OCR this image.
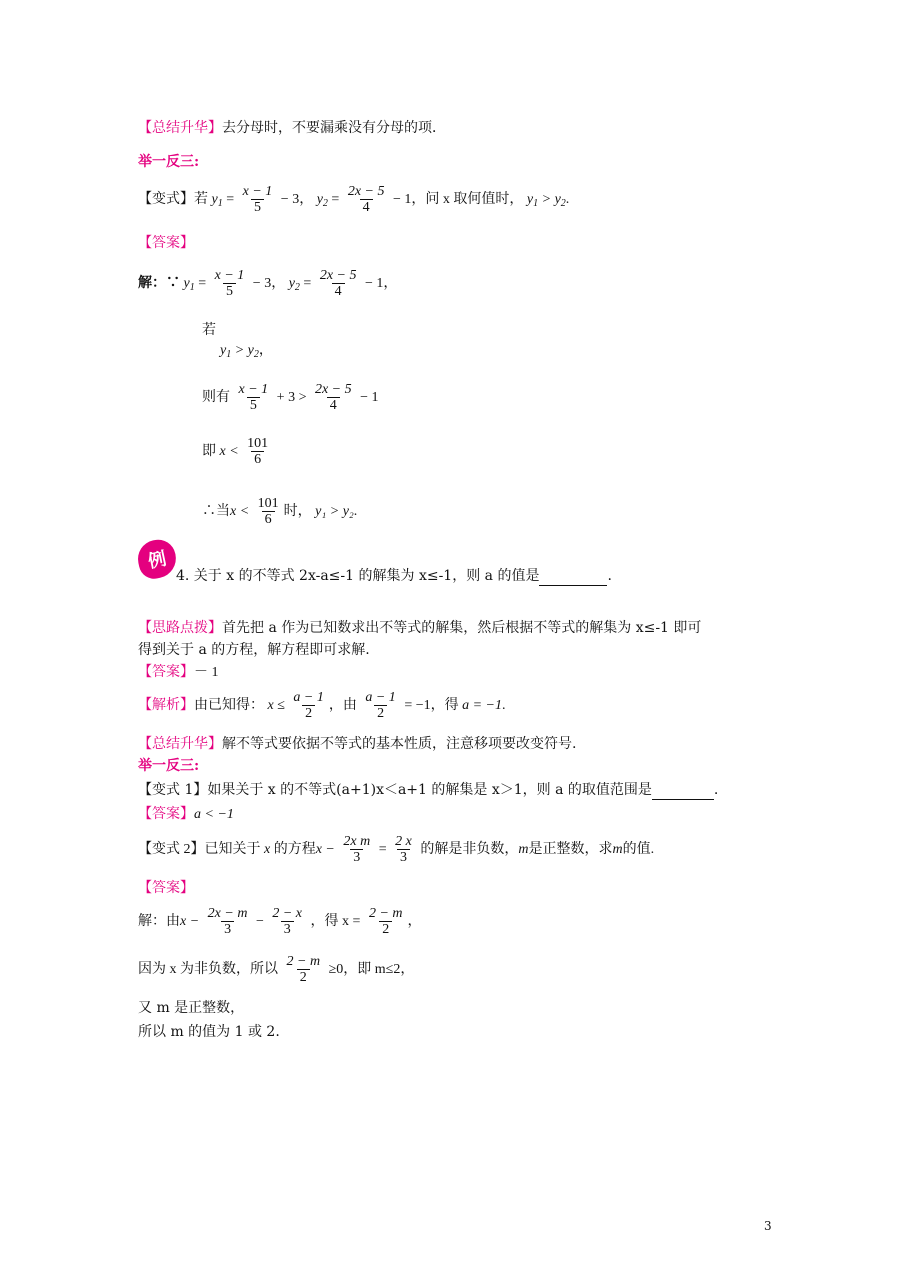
【总结升华】去分母时，不要漏乘没有分母的项．
举一反三:
【变式】若 $y_1 = \frac{x - 1}{5} - 3$， $y_2 = \frac{2x - 5}{4} - 1$，问 x 取何值时， $y_1 > y_2$.
【答案】
解：∵ $y_1 = \frac{x - 1}{5} - 3$， $y_2 = \frac{2x - 5}{4} - 1$，
若
$y_1 > y_2$，
则有 $\frac{x - 1}{5} + 3 > \frac{2x - 5}{4} - 1$
即 $x < \frac{101}{6}$
∴当$x < \frac{101}{6}$ 时， y₁ > y₂.
例
4. 关于 x 的不等式 2x-a≤-1 的解集为 x≤-1，则 a 的值是	.
【思路点拨】首先把 a 作为已知数求出不等式的解集，然后根据不等式的解集为 x≤-1 即可
得到关于 a 的方程，解方程即可求解.
【答案】－ 1
【解析】由已知得： $x \le \frac{a - 1}{2}$ ，由 $\frac{a - 1}{2} = -1$，得 a = −1.
【总结升华】解不等式要依据不等式的基本性质，注意移项要改变符号.
举一反三:
【变式 1】如果关于 x 的不等式(a+1)x＜a+1 的解集是 x＞1，则 a 的取值范围是	.
【答案】a < −1
【变式 2】已知关于 x 的方程$x - \frac{\text{2x m}}{3} = \frac{2 x}{3}$ 的解是非负数，m是正整数，求m的值.
【答案】
解：由$x - \frac{2x - m}{3} - \frac{2 - x}{3}$ ，得 $x = \frac{2 - m}{2}$ ，
因为 x 为非负数，所以 $\frac{2 - m}{2} \ge 0$，即 m≤2，
又 m 是正整数，
所以 m 的值为 1 或 2.
3
